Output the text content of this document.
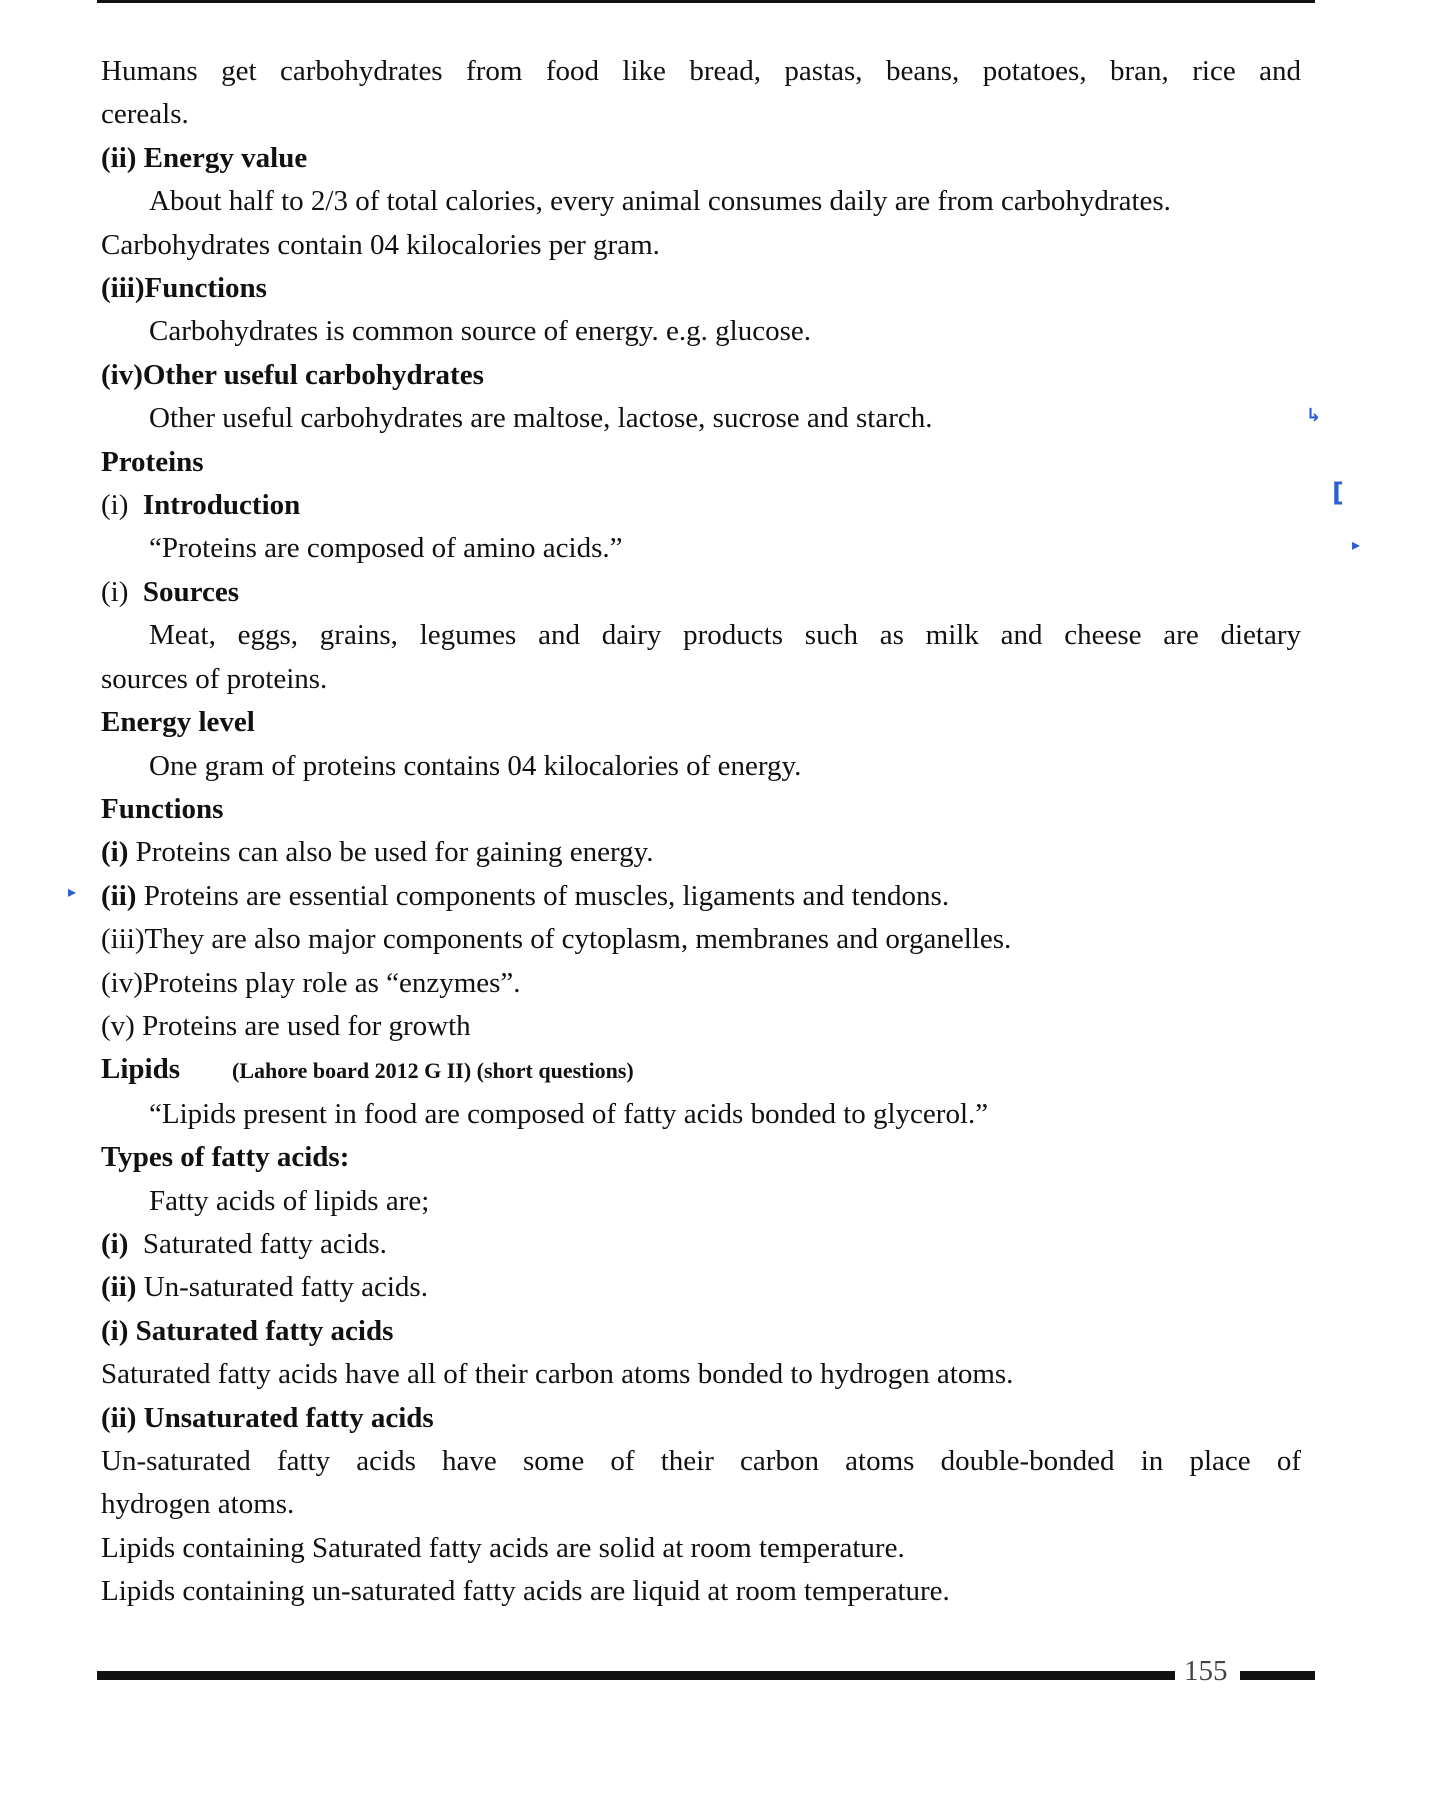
Humans get carbohydrates from food like bread, pastas, beans, potatoes, bran, rice and
cereals.
(ii) Energy value
About half to 2/3 of total calories, every animal consumes daily are from carbohydrates.
Carbohydrates contain 04 kilocalories per gram.
(iii)Functions
Carbohydrates is common source of energy. e.g. glucose.
(iv)Other useful carbohydrates
Other useful carbohydrates are maltose, lactose, sucrose and starch.
Proteins
(i) Introduction
“Proteins are composed of amino acids.”
(i) Sources
Meat, eggs, grains, legumes and dairy products such as milk and cheese are dietary
sources of proteins.
Energy level
One gram of proteins contains 04 kilocalories of energy.
Functions
(i) Proteins can also be used for gaining energy.
(ii) Proteins are essential components of muscles, ligaments and tendons.
(iii)They are also major components of cytoplasm, membranes and organelles.
(iv)Proteins play role as “enzymes”.
(v) Proteins are used for growth
Lipids (Lahore board 2012 G II) (short questions)
“Lipids present in food are composed of fatty acids bonded to glycerol.”
Types of fatty acids:
Fatty acids of lipids are;
(i) Saturated fatty acids.
(ii) Un-saturated fatty acids.
(i) Saturated fatty acids
Saturated fatty acids have all of their carbon atoms bonded to hydrogen atoms.
(ii) Unsaturated fatty acids
Un-saturated fatty acids have some of their carbon atoms double-bonded in place of
hydrogen atoms.
Lipids containing Saturated fatty acids are solid at room temperature.
Lipids containing un-saturated fatty acids are liquid at room temperature.
↳
[
▸
▸
155
